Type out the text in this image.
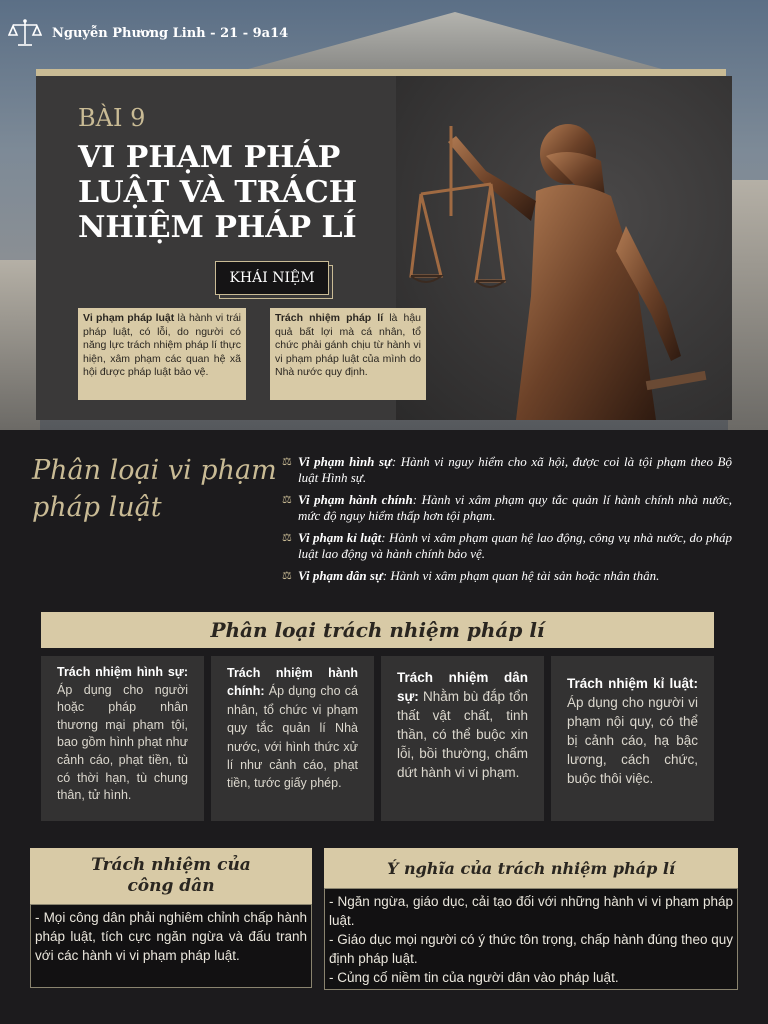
Nguyễn Phương Linh - 21 - 9a14
BÀI 9
VI PHẠM PHÁP LUẬT VÀ TRÁCH NHIỆM PHÁP LÍ
KHÁI NIỆM
Vi phạm pháp luật là hành vi trái pháp luật, có lỗi, do người có năng lực trách nhiệm pháp lí thực hiện, xâm phạm các quan hệ xã hội được pháp luật bảo vệ.
Trách nhiệm pháp lí là hậu quả bất lợi mà cá nhân, tổ chức phải gánh chịu từ hành vi vi phạm pháp luật của mình do Nhà nước quy định.
Phân loại vi phạm pháp luật
⚖ Vi phạm hình sự: Hành vi nguy hiểm cho xã hội, được coi là tội phạm theo Bộ luật Hình sự.
⚖ Vi phạm hành chính: Hành vi xâm phạm quy tắc quản lí hành chính nhà nước, mức độ nguy hiểm thấp hơn tội phạm.
⚖ Vi phạm kỉ luật: Hành vi xâm phạm quan hệ lao động, công vụ nhà nước, do pháp luật lao động và hành chính bảo vệ.
⚖ Vi phạm dân sự: Hành vi xâm phạm quan hệ tài sản hoặc nhân thân.
Phân loại trách nhiệm pháp lí
Trách nhiệm hình sự: Áp dụng cho người hoặc pháp nhân thương mại phạm tội, bao gồm hình phạt như cảnh cáo, phạt tiền, tù có thời hạn, tù chung thân, tử hình.
Trách nhiệm hành chính: Áp dụng cho cá nhân, tổ chức vi phạm quy tắc quản lí Nhà nước, với hình thức xử lí như cảnh cáo, phạt tiền, tước giấy phép.
Trách nhiệm dân sự: Nhằm bù đắp tổn thất vật chất, tinh thần, có thể buộc xin lỗi, bồi thường, chấm dứt hành vi vi phạm.
Trách nhiệm kỉ luật: Áp dụng cho người vi phạm nội quy, có thể bị cảnh cáo, hạ bậc lương, cách chức, buộc thôi việc.
Trách nhiệm của công dân
- Mọi công dân phải nghiêm chỉnh chấp hành pháp luật, tích cực ngăn ngừa và đấu tranh với các hành vi vi phạm pháp luật.
Ý nghĩa của trách nhiệm pháp lí
- Ngăn ngừa, giáo dục, cải tạo đối với những hành vi vi phạm pháp luật.
- Giáo dục mọi người có ý thức tôn trọng, chấp hành đúng theo quy định pháp luật.
- Củng cố niềm tin của người dân vào pháp luật.
